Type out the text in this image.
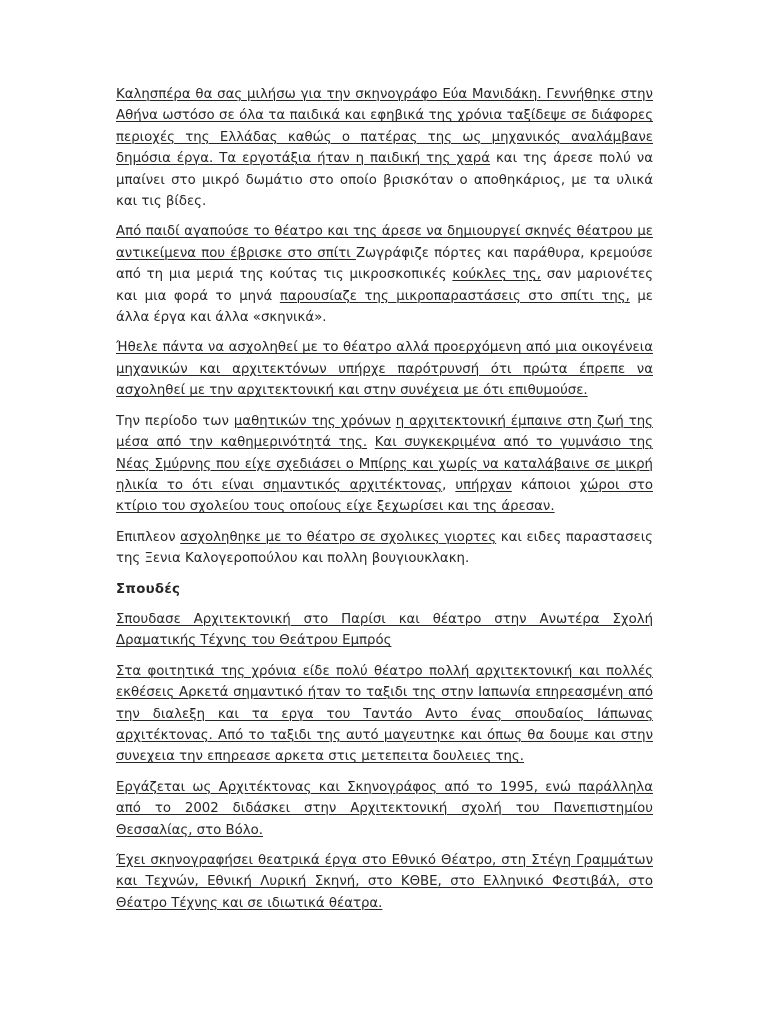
Καλησπέρα θα σας μιλήσω για την σκηνογράφο Εύα Μανιδάκη. Γεννήθηκε στην Αθήνα ωστόσο σε όλα τα παιδικά και εφηβικά της χρόνια ταξίδεψε σε διάφορες περιοχές της Ελλάδας καθώς ο πατέρας της ως μηχανικός αναλάμβανε δημόσια έργα. Τα εργοτάξια ήταν η παιδική της χαρά και της άρεσε πολύ να μπαίνει στο μικρό δωμάτιο στο οποίο βρισκόταν ο αποθηκάριος, με τα υλικά και τις βίδες.

Από παιδί αγαπούσε το θέατρο και της άρεσε να δημιουργεί σκηνές θέατρου με αντικείμενα που έβρισκε στο σπίτι Ζωγράφιζε πόρτες και παράθυρα, κρεμούσε από τη μια μεριά της κούτας τις μικροσκοπικές κούκλες της, σαν μαριονέτες και μια φορά το μηνά παρουσίαζε της μικροπαραστάσεις στο σπίτι της, με άλλα έργα και άλλα «σκηνικά».

Ήθελε πάντα να ασχοληθεί με το θέατρο αλλά προερχόμενη από μια οικογένεια μηχανικών και αρχιτεκτόνων υπήρχε παρότρυνσή ότι πρώτα έπρεπε να ασχοληθεί με την αρχιτεκτονική και στην συνέχεια με ότι επιθυμούσε.

Την περίοδο των μαθητικών της χρόνων η αρχιτεκτονική έμπαινε στη ζωή της μέσα από την καθημερινότητά της. Και συγκεκριμένα από το γυμνάσιο της Νέας Σμύρνης που είχε σχεδιάσει ο Μπίρης και χωρίς να καταλάβαινε σε μικρή ηλικία το ότι είναι σημαντικός αρχιτέκτονας, υπήρχαν κάποιοι χώροι στο κτίριο του σχολείου τους οποίους είχε ξεχωρίσει και της άρεσαν.

Επιπλεον ασχοληθηκε με το θέατρο σε σχολικες γιορτες και ειδες παραστασεις της Ξενια Καλογεροπούλου και πολλη βουγιουκλακη.

Σπουδές

Σπουδασε Αρχιτεκτονική στο Παρίσι και θέατρο στην Ανωτέρα Σχολή Δραματικής Τέχνης του Θεάτρου Εμπρός

Στα φοιτητικά της χρόνια είδε πολύ θέατρο πολλή αρχιτεκτονική και πολλές εκθέσεις Αρκετά σημαντικό ήταν το ταξιδι της στην Ιαπωνία επηρεασμένη από την διαλεξη και τα εργα του Ταντάο Αντο ένας σπουδαίος Ιάπωνας αρχιτέκτονας. Από το ταξιδι της αυτό μαγευτηκε και όπως θα δουμε και στην συνεχεια την επηρεασε αρκετα στις μετεπειτα δουλειες της.

Εργάζεται ως Αρχιτέκτονας και Σκηνογράφος από το 1995, ενώ παράλληλα από το 2002 διδάσκει στην Αρχιτεκτονική σχολή του Πανεπιστημίου Θεσσαλίας, στο Βόλο.

Έχει σκηνογραφήσει θεατρικά έργα στο Εθνικό Θέατρο, στη Στέγη Γραμμάτων και Τεχνών, Εθνική Λυρική Σκηνή, στο ΚΘΒΕ, στο Ελληνικό Φεστιβάλ, στο Θέατρο Τέχνης και σε ιδιωτικά θέατρα.
